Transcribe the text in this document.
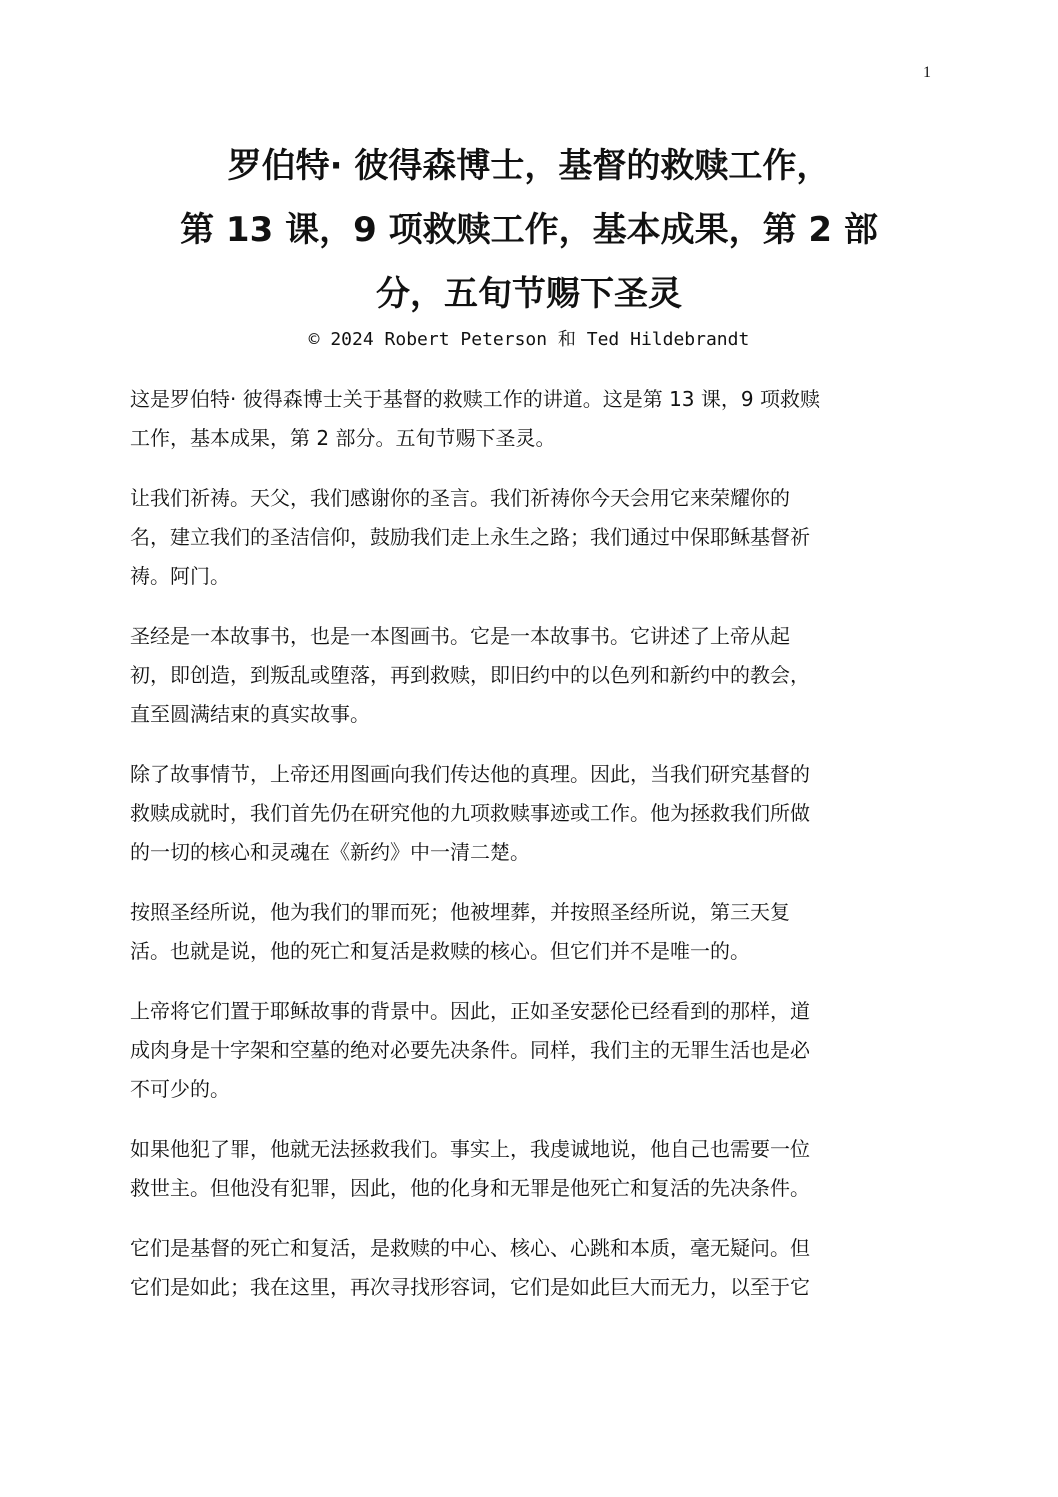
1
罗伯特· 彼得森博士，基督的救赎工作，
第 13 课，9 项救赎工作，基本成果，第 2 部
分，五旬节赐下圣灵
© 2024 Robert Peterson 和 Ted Hildebrandt

这是罗伯特· 彼得森博士关于基督的救赎工作的讲道。这是第 13 课，9 项救赎
工作，基本成果，第 2 部分。五旬节赐下圣灵。

让我们祈祷。天父，我们感谢你的圣言。我们祈祷你今天会用它来荣耀你的
名，建立我们的圣洁信仰，鼓励我们走上永生之路；我们通过中保耶稣基督祈
祷。阿门。

圣经是一本故事书，也是一本图画书。它是一本故事书。它讲述了上帝从起
初，即创造，到叛乱或堕落，再到救赎，即旧约中的以色列和新约中的教会，
直至圆满结束的真实故事。

除了故事情节，上帝还用图画向我们传达他的真理。因此，当我们研究基督的
救赎成就时，我们首先仍在研究他的九项救赎事迹或工作。他为拯救我们所做
的一切的核心和灵魂在《新约》中一清二楚。

按照圣经所说，他为我们的罪而死；他被埋葬，并按照圣经所说，第三天复
活。也就是说，他的死亡和复活是救赎的核心。但它们并不是唯一的。

上帝将它们置于耶稣故事的背景中。因此，正如圣安瑟伦已经看到的那样，道
成肉身是十字架和空墓的绝对必要先决条件。同样，我们主的无罪生活也是必
不可少的。

如果他犯了罪，他就无法拯救我们。事实上，我虔诚地说，他自己也需要一位
救世主。但他没有犯罪，因此，他的化身和无罪是他死亡和复活的先决条件。

它们是基督的死亡和复活，是救赎的中心、核心、心跳和本质，毫无疑问。但
它们是如此；我在这里，再次寻找形容词，它们是如此巨大而无力，以至于它
